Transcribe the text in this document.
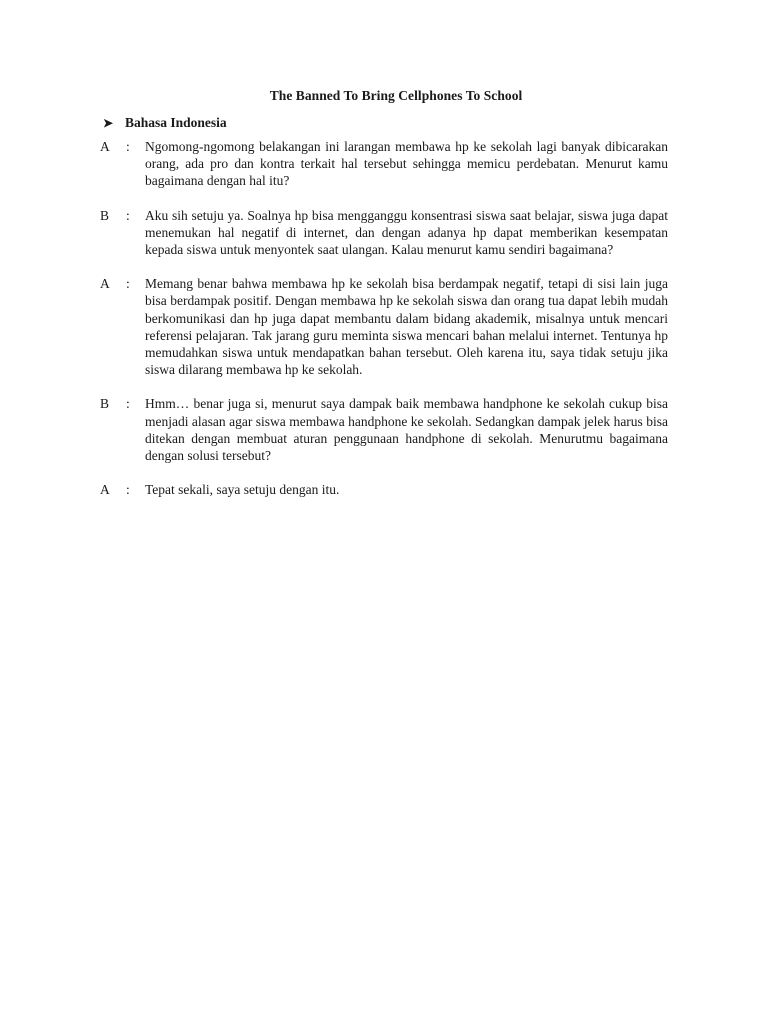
The Banned To Bring Cellphones To School
➤ Bahasa Indonesia
A	:	Ngomong-ngomong belakangan ini larangan membawa hp ke sekolah lagi banyak dibicarakan orang, ada pro dan kontra terkait hal tersebut sehingga memicu perdebatan. Menurut kamu bagaimana dengan hal itu?
B	:	Aku sih setuju ya. Soalnya hp bisa mengganggu konsentrasi siswa saat belajar, siswa juga dapat menemukan hal negatif di internet, dan dengan adanya hp dapat memberikan kesempatan kepada siswa untuk menyontek saat ulangan. Kalau menurut kamu sendiri bagaimana?
A	:	Memang benar bahwa membawa hp ke sekolah bisa berdampak negatif, tetapi di sisi lain juga bisa berdampak positif. Dengan membawa hp ke sekolah siswa dan orang tua dapat lebih mudah berkomunikasi dan hp juga dapat membantu dalam bidang akademik, misalnya untuk mencari referensi pelajaran. Tak jarang guru meminta siswa mencari bahan melalui internet. Tentunya hp memudahkan siswa untuk mendapatkan bahan tersebut. Oleh karena itu, saya tidak setuju jika siswa dilarang membawa hp ke sekolah.
B	:	Hmm… benar juga si, menurut saya dampak baik membawa handphone ke sekolah cukup bisa menjadi alasan agar siswa membawa handphone ke sekolah. Sedangkan dampak jelek harus bisa ditekan dengan membuat aturan penggunaan handphone di sekolah. Menurutmu bagaimana dengan solusi tersebut?
A	:	Tepat sekali, saya setuju dengan itu.
